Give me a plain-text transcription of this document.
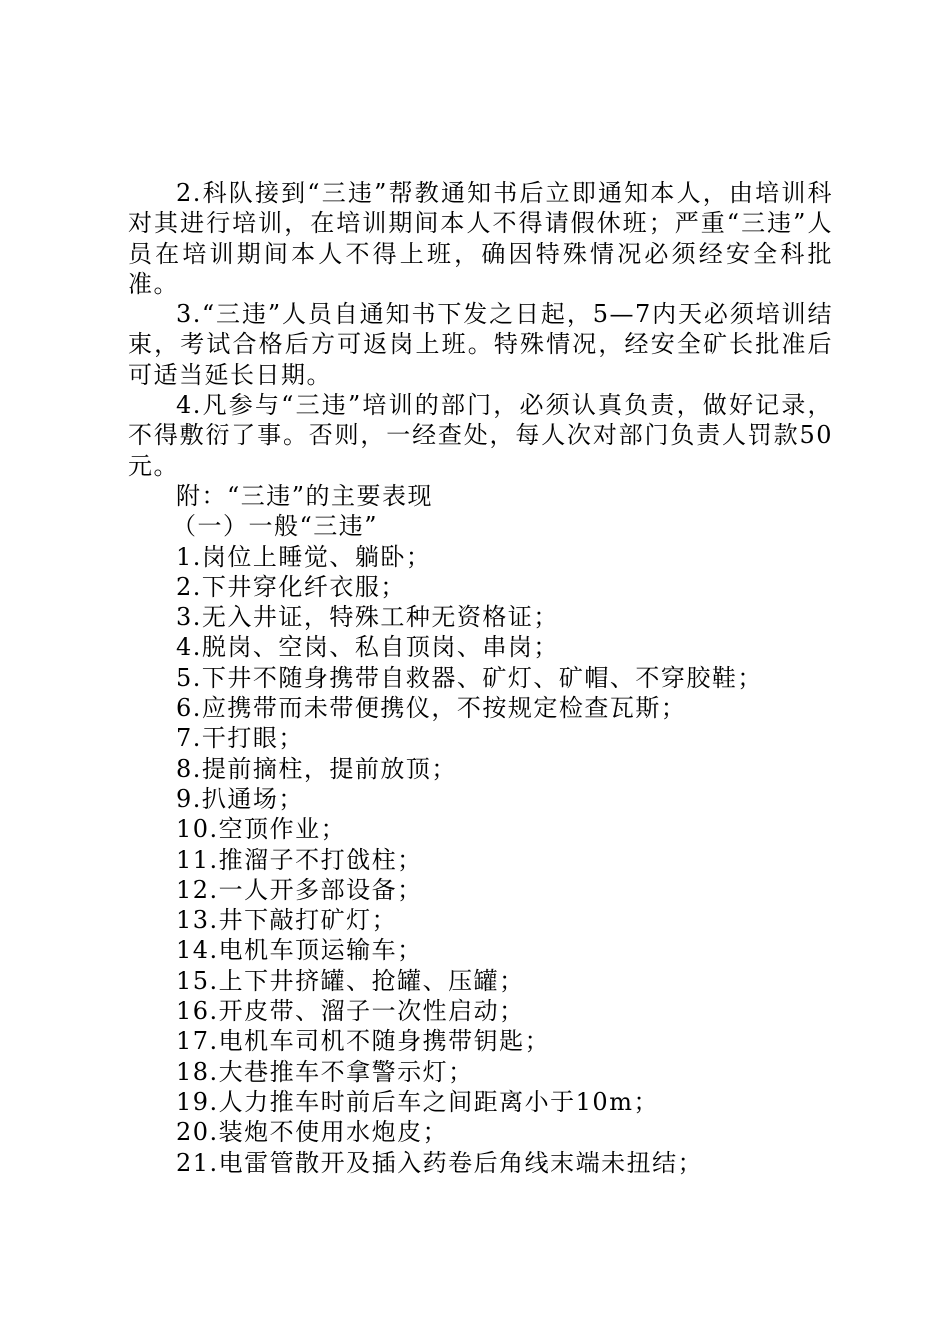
2.科队接到“三违”帮教通知书后立即通知本人，由培训科对其进行培训，在培训期间本人不得请假休班；严重“三违”人员在培训期间本人不得上班，确因特殊情况必须经安全科批准。

3.“三违”人员自通知书下发之日起，5—7内天必须培训结束，考试合格后方可返岗上班。特殊情况，经安全矿长批准后可适当延长日期。

4.凡参与“三违”培训的部门，必须认真负责，做好记录，不得敷衍了事。否则，一经查处，每人次对部门负责人罚款50元。

附：“三违”的主要表现

（一）一般“三违”

1.岗位上睡觉、躺卧；

2.下井穿化纤衣服；

3.无入井证，特殊工种无资格证；

4.脱岗、空岗、私自顶岗、串岗；

5.下井不随身携带自救器、矿灯、矿帽、不穿胶鞋；

6.应携带而未带便携仪，不按规定检查瓦斯；

7.干打眼；

8.提前摘柱，提前放顶；

9.扒通场；

10.空顶作业；

11.推溜子不打戗柱；

12.一人开多部设备；

13.井下敲打矿灯；

14.电机车顶运输车；

15.上下井挤罐、抢罐、压罐；

16.开皮带、溜子一次性启动；

17.电机车司机不随身携带钥匙；

18.大巷推车不拿警示灯；

19.人力推车时前后车之间距离小于10m；

20.装炮不使用水炮皮；

21.电雷管散开及插入药卷后角线末端未扭结；
